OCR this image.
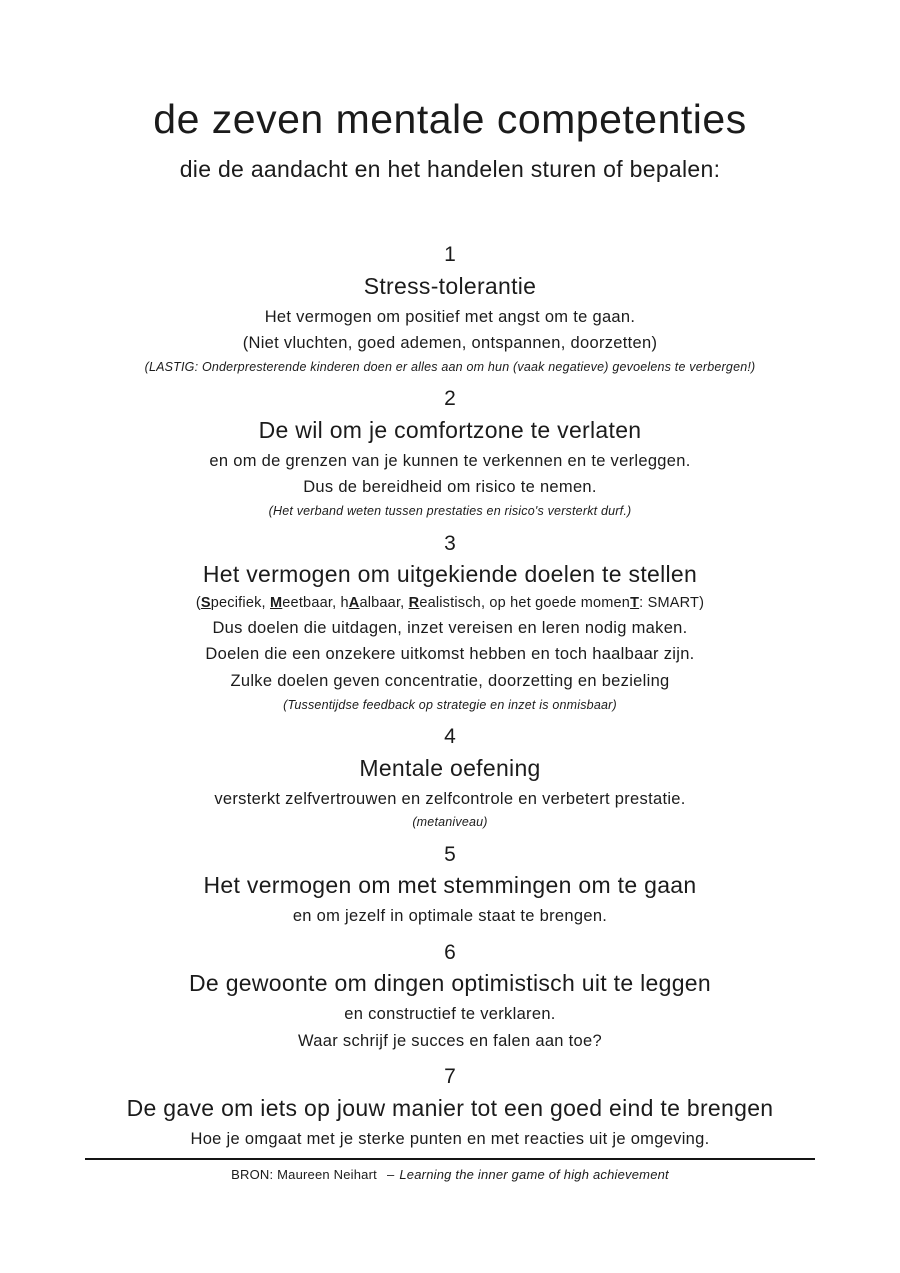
de zeven mentale competenties
die de aandacht en het handelen sturen of bepalen:
1
Stress-tolerantie

Het vermogen om positief met angst om te gaan.

(Niet vluchten, goed ademen, ontspannen, doorzetten)

(LASTIG: Onderpresterende kinderen doen er alles aan om hun (vaak negatieve) gevoelens te verbergen!)

2
De wil om je comfortzone te verlaten

en om de grenzen van je kunnen te verkennen en te verleggen.

Dus de bereidheid om risico te nemen.

(Het verband weten tussen prestaties en risico's versterkt durf.)

3
Het vermogen om uitgekiende doelen te stellen

(Specifiek, Meetbaar, hAalbaar, Realistisch, op het goede momenT: SMART)

Dus doelen die uitdagen, inzet vereisen en leren nodig maken.

Doelen die een onzekere uitkomst hebben en toch haalbaar zijn.

Zulke doelen geven concentratie, doorzetting en bezieling

(Tussentijdse feedback op strategie en inzet is onmisbaar)

4
Mentale oefening

versterkt zelfvertrouwen en zelfcontrole en verbetert prestatie.

(metaniveau)

5
Het vermogen om met stemmingen om te gaan

en om jezelf in optimale staat te brengen.

6
De gewoonte om dingen optimistisch uit te leggen

en constructief te verklaren.

Waar schrijf je succes en falen aan toe?

7
De gave om iets op jouw manier tot een goed eind te brengen

Hoe je omgaat met je sterke punten en met reacties uit je omgeving.

BRON: Maureen Neihart – Learning the inner game of high achievement
